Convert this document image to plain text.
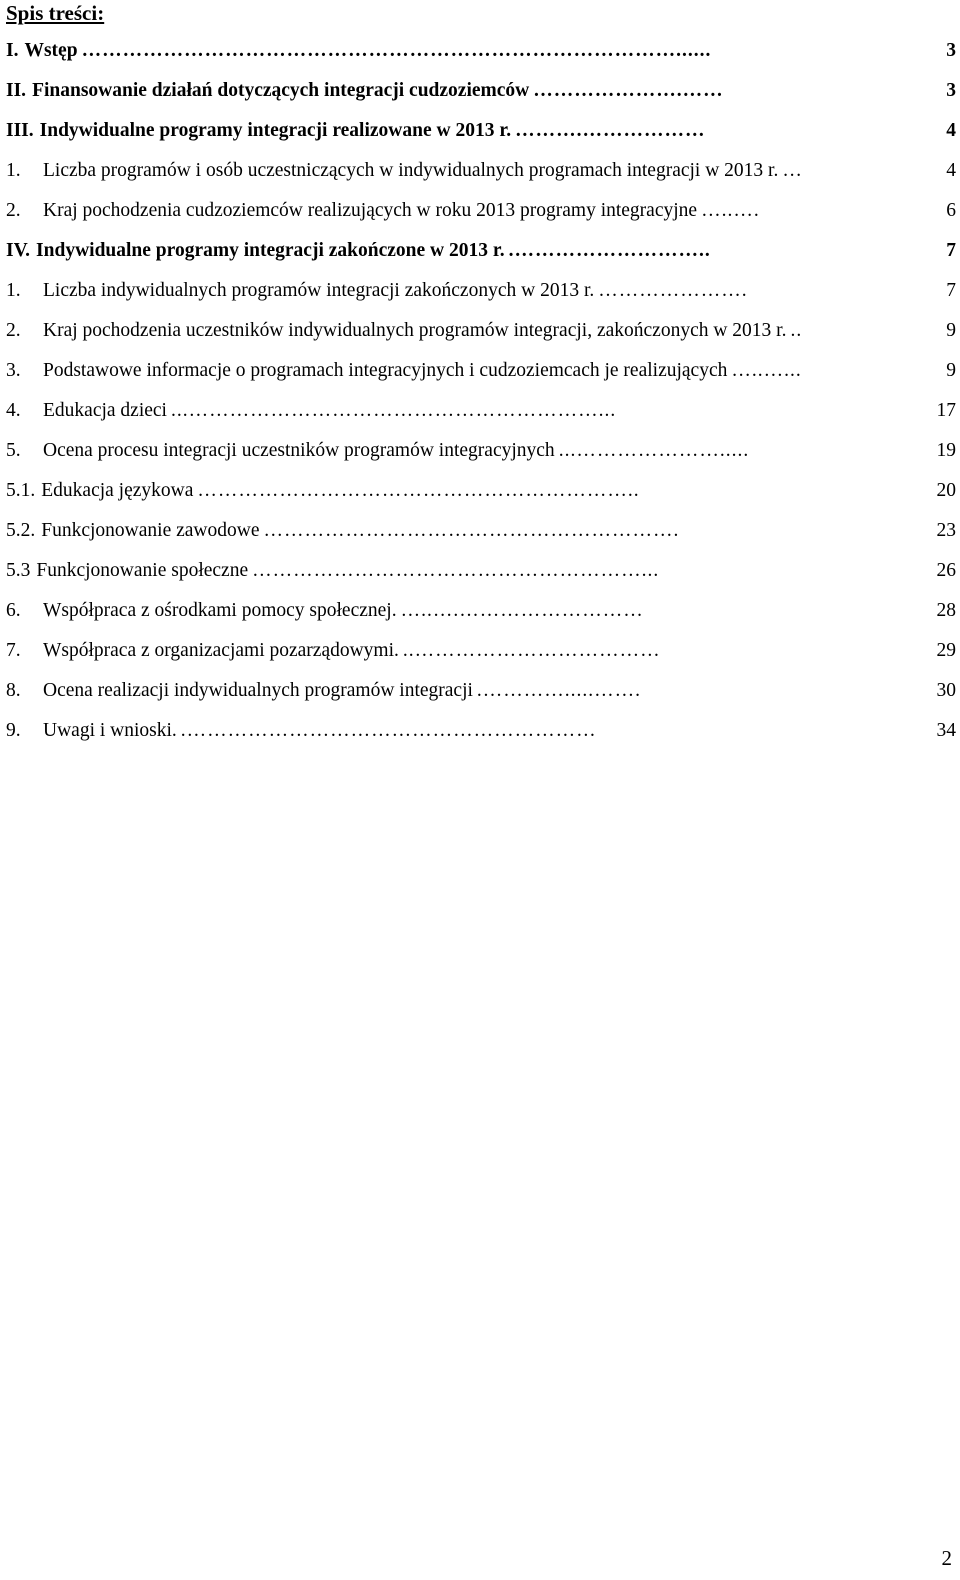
Spis treści:
I. Wstęp ……………………………………………………………………………......	3
II. Finansowanie działań dotyczących integracji cudzoziemców ………………….……	3
III. Indywidualne programy integracji realizowane w 2013 r. ……….………………	4
1.	Liczba programów i osób uczestniczących w indywidualnych programach integracji w 2013 r. …	4
2.	Kraj pochodzenia cudzoziemców realizujących w roku 2013 programy integracyjne …..….	6
IV. Indywidualne programy integracji zakończone w 2013 r. .………………………..	7
1.	Liczba indywidualnych programów integracji zakończonych w 2013 r. ………………….	7
2.	Kraj pochodzenia uczestników indywidualnych programów integracji, zakończonych w 2013 r. ..	9
3.	Podstawowe informacje o programach integracyjnych i cudzoziemcach je realizujących …..…...	9
4.	Edukacja dzieci ...……………………………………………………...	17
5.	Ocena procesu integracji uczestników programów integracyjnych ...………………….....	19
5.1. Edukacja językowa ………………………………………………………..	20
5.2. Funkcjonowanie zawodowe …………………………………………………….	23
5.3 Funkcjonowanie społeczne …………………………………………………...	26
6.	Współpraca z ośrodkami pomocy społecznej. …..….………………………	28
7.	Współpraca z organizacjami pozarządowymi. ..………………………………	29
8.	Ocena realizacji indywidualnych programów integracji .………….....…….	30
9.	Uwagi i wnioski. .……………………………………………………	34
2
